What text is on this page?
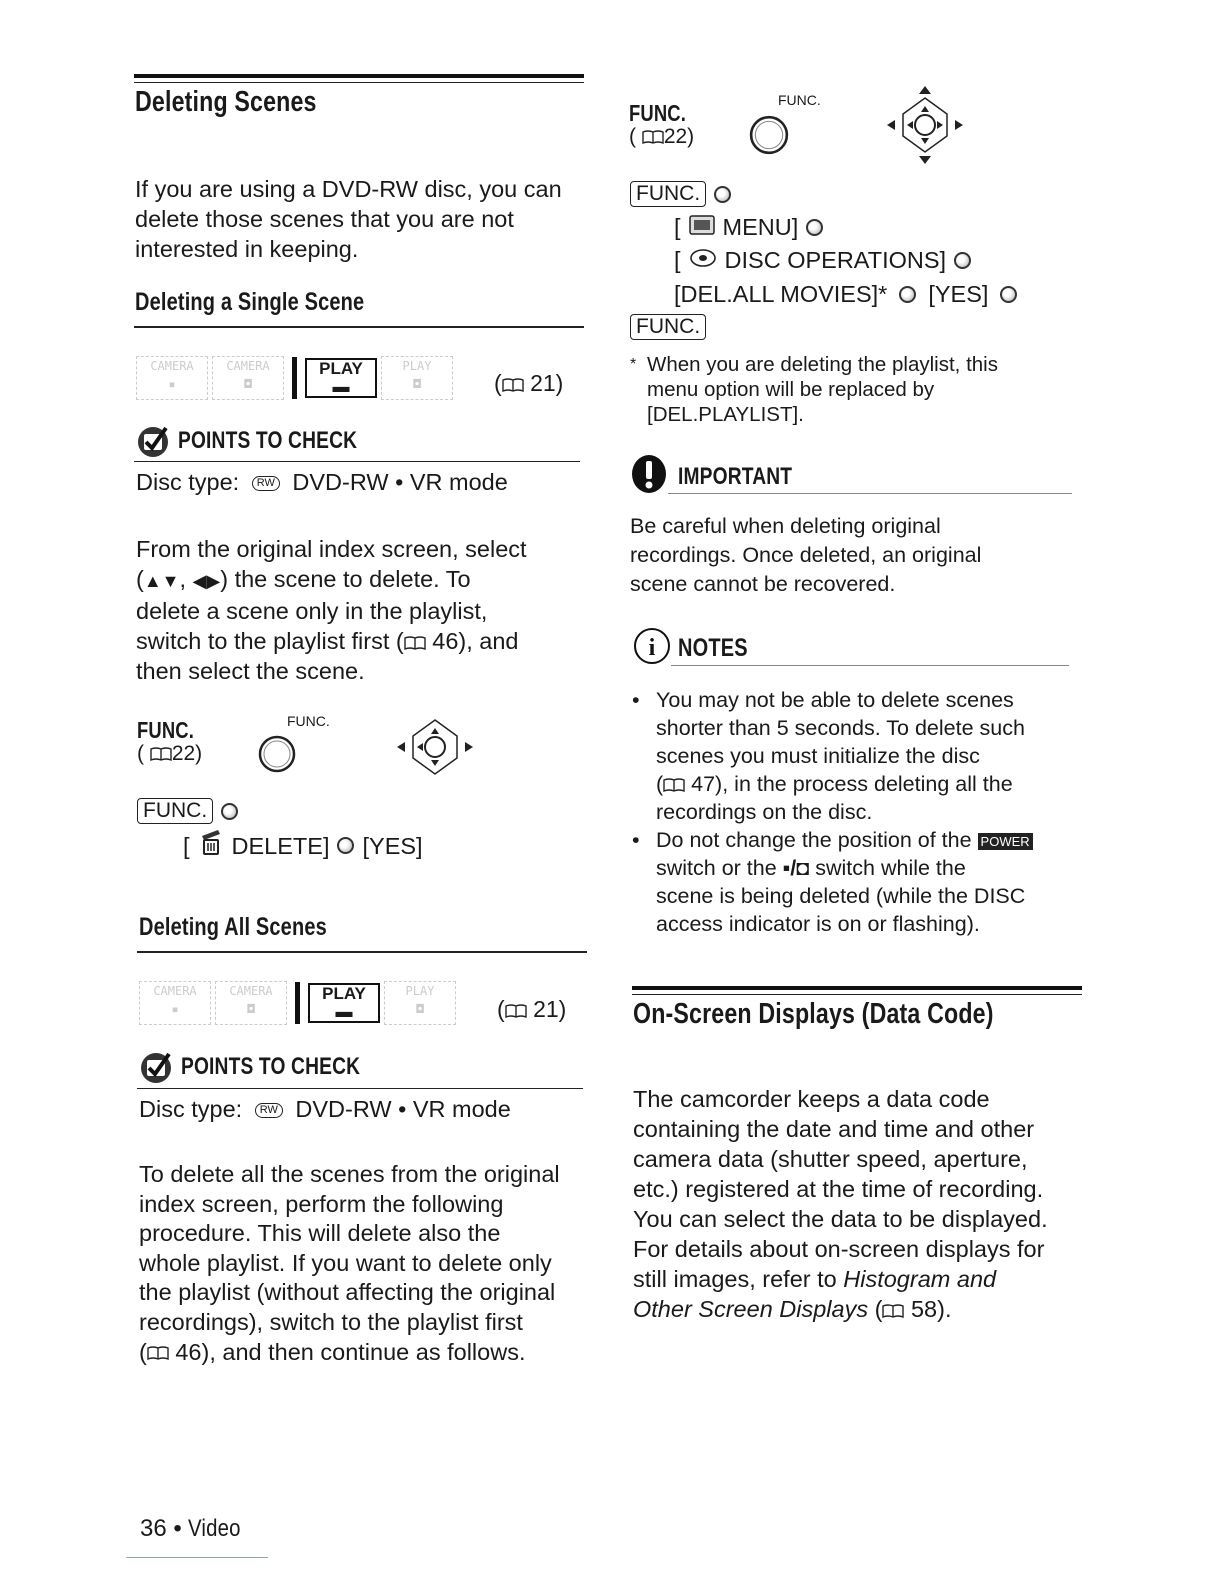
Deleting Scenes

If you are using a DVD-RW disc, you can delete those scenes that you are not interested in keeping.

Deleting a Single Scene
CAMERA
▪
CAMERA
◘
PLAY
▬
PLAY
◘	( 21)
POINTS TO CHECK
Disc type: RW DVD-RW • VR mode

From the original index screen, select

(▲▼, ◀▶) the scene to delete. To

delete a scene only in the playlist,

switch to the playlist first (
46), and

then select the scene.

FUNC.
(
22)
FUNC.
FUNC.
[ DELETE] [YES]
Deleting All Scenes
CAMERA
▪
CAMERA
◘
PLAY
▬
PLAY
◘	( 21)
POINTS TO CHECK
Disc type: RW DVD-RW • VR mode

To delete all the scenes from the original

index screen, perform the following

procedure. This will delete also the

whole playlist. If you want to delete only

the playlist (without affecting the original

recordings), switch to the playlist first

(
46), and then continue as follows.

36 • Video
FUNC.
(
22)
FUNC.
FUNC.
[ MENU]
[ DISC OPERATIONS]
[DEL.ALL MOVIES]* [YES]
FUNC.
* When you are deleting the playlist, this
menu option will be replaced by
[DEL.PLAYLIST].
IMPORTANT
Be careful when deleting original
recordings. Once deleted, an original
scene cannot be recovered.
i NOTES
• You may not be able to delete scenes
shorter than 5 seconds. To delete such
scenes you must initialize the disc
(
47), in the process deleting all the
recordings on the disc.
• Do not change the position of the POWER
switch or the ▪/◘ switch while the
scene is being deleted (while the DISC
access indicator is on or flashing).
On-Screen Displays (Data Code)

The camcorder keeps a data code

containing the date and time and other

camera data (shutter speed, aperture,

etc.) registered at the time of recording.

You can select the data to be displayed.

For details about on-screen displays for

still images, refer to Histogram and

Other Screen Displays (
58).
